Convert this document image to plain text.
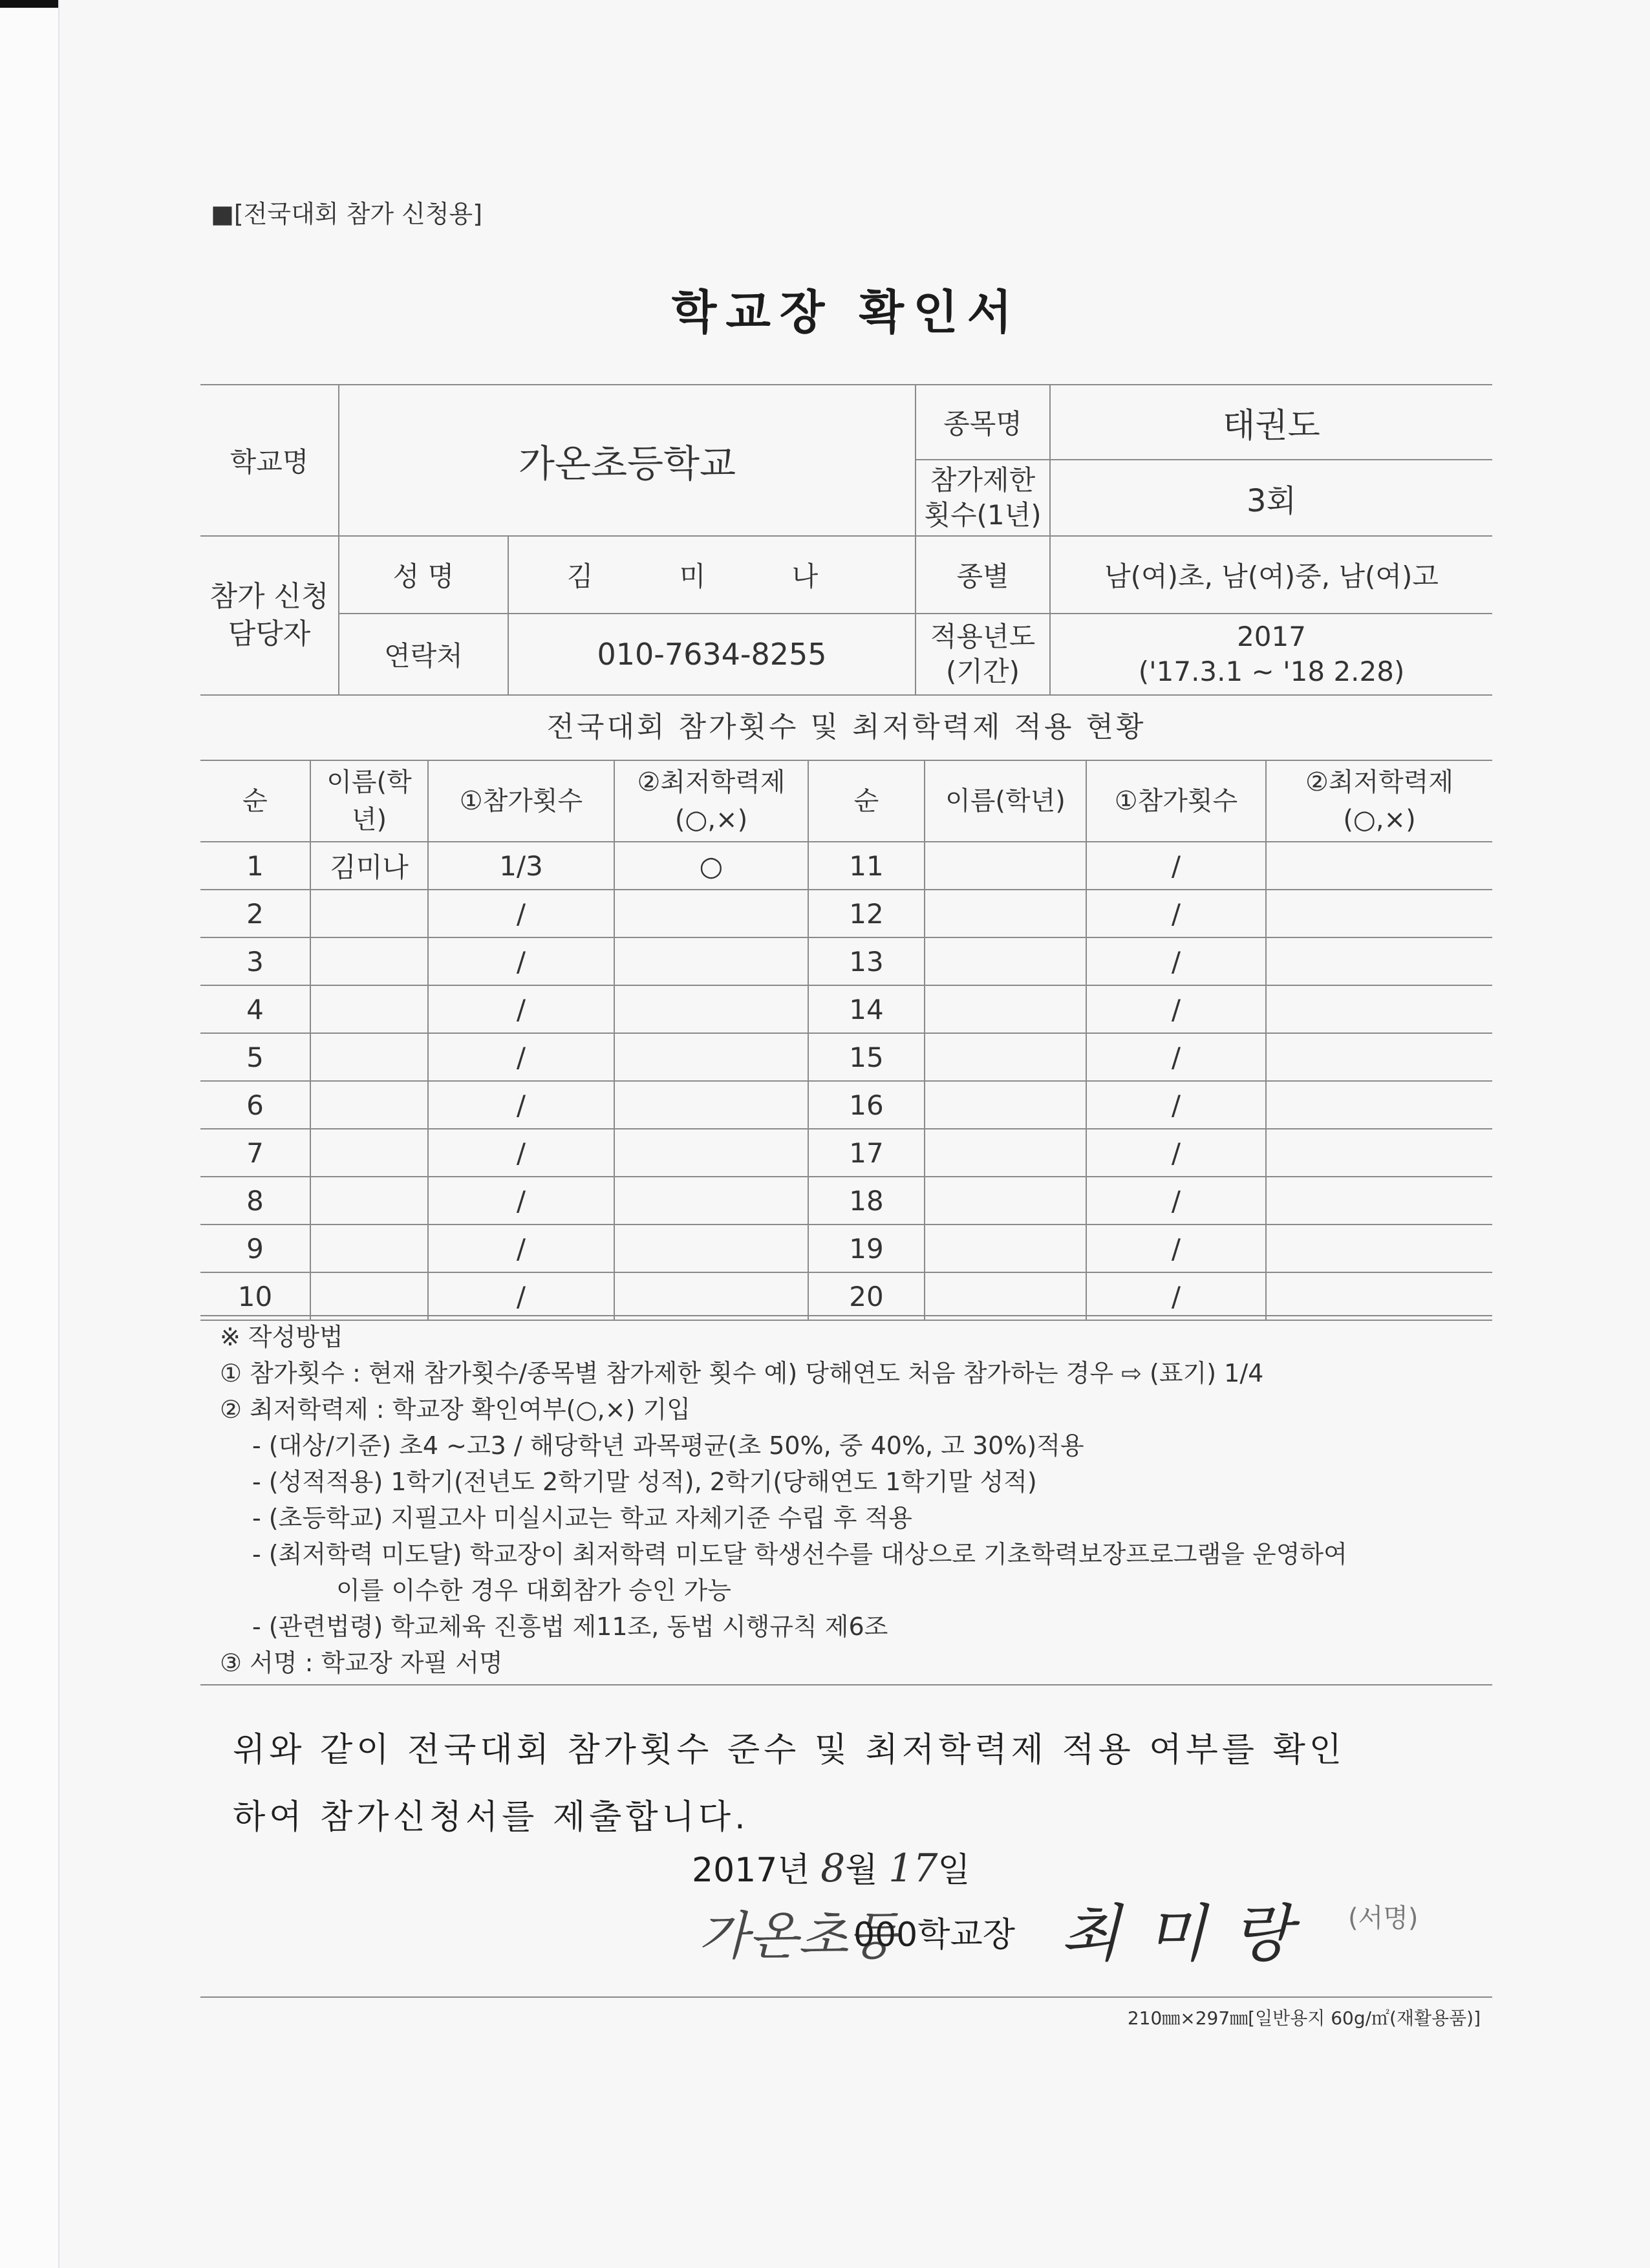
■[전국대회 참가 신청용]
학교장 확인서
학교명	가온초등학교		종목명	태권도
			참가제한 횟수(1년)	3회
참가 신청 담당자	성 명	김 미 나	종별	남(여)초, 남(여)중, 남(여)고
	연락처	010-7634-8255	적용년도 (기간)	2017
('17.3.1 ~ '18 2.28)
전국대회 참가횟수 및 최저학력제 적용 현황
순	이름(학년)	①참가횟수	②최저학력제 (○,×)	순	이름(학년)	①참가횟수	②최저학력제 (○,×)
1	김미나	1/3	○	11		/	
2		/		12		/	
3		/		13		/	
4		/		14		/	
5		/		15		/	
6		/		16		/	
7		/		17		/	
8		/		18		/	
9		/		19		/	
10		/		20		/	
※ 작성방법
① 참가횟수 : 현재 참가횟수/종목별 참가제한 횟수 예) 당해연도 처음 참가하는 경우 ⇨ (표기) 1/4
② 최저학력제 : 학교장 확인여부(○,×) 기입
- (대상/기준) 초4 ~고3 / 해당학년 과목평균(초 50%, 중 40%, 고 30%)적용
- (성적적용) 1학기(전년도 2학기말 성적), 2학기(당해연도 1학기말 성적)
- (초등학교) 지필고사 미실시교는 학교 자체기준 수립 후 적용
- (최저학력 미도달) 학교장이 최저학력 미도달 학생선수를 대상으로 기초학력보장프로그램을 운영하여
이를 이수한 경우 대회참가 승인 가능
- (관련법령) 학교체육 진흥법 제11조, 동법 시행규칙 제6조
③ 서명 : 학교장 자필 서명
위와 같이 전국대회 참가횟수 준수 및 최저학력제 적용 여부를 확인
하여 참가신청서를 제출합니다.
2017년 8월 17일
가온초등
000학교장 최미랑 (서명)
210㎜×297㎜[일반용지 60g/㎡(재활용품)]
